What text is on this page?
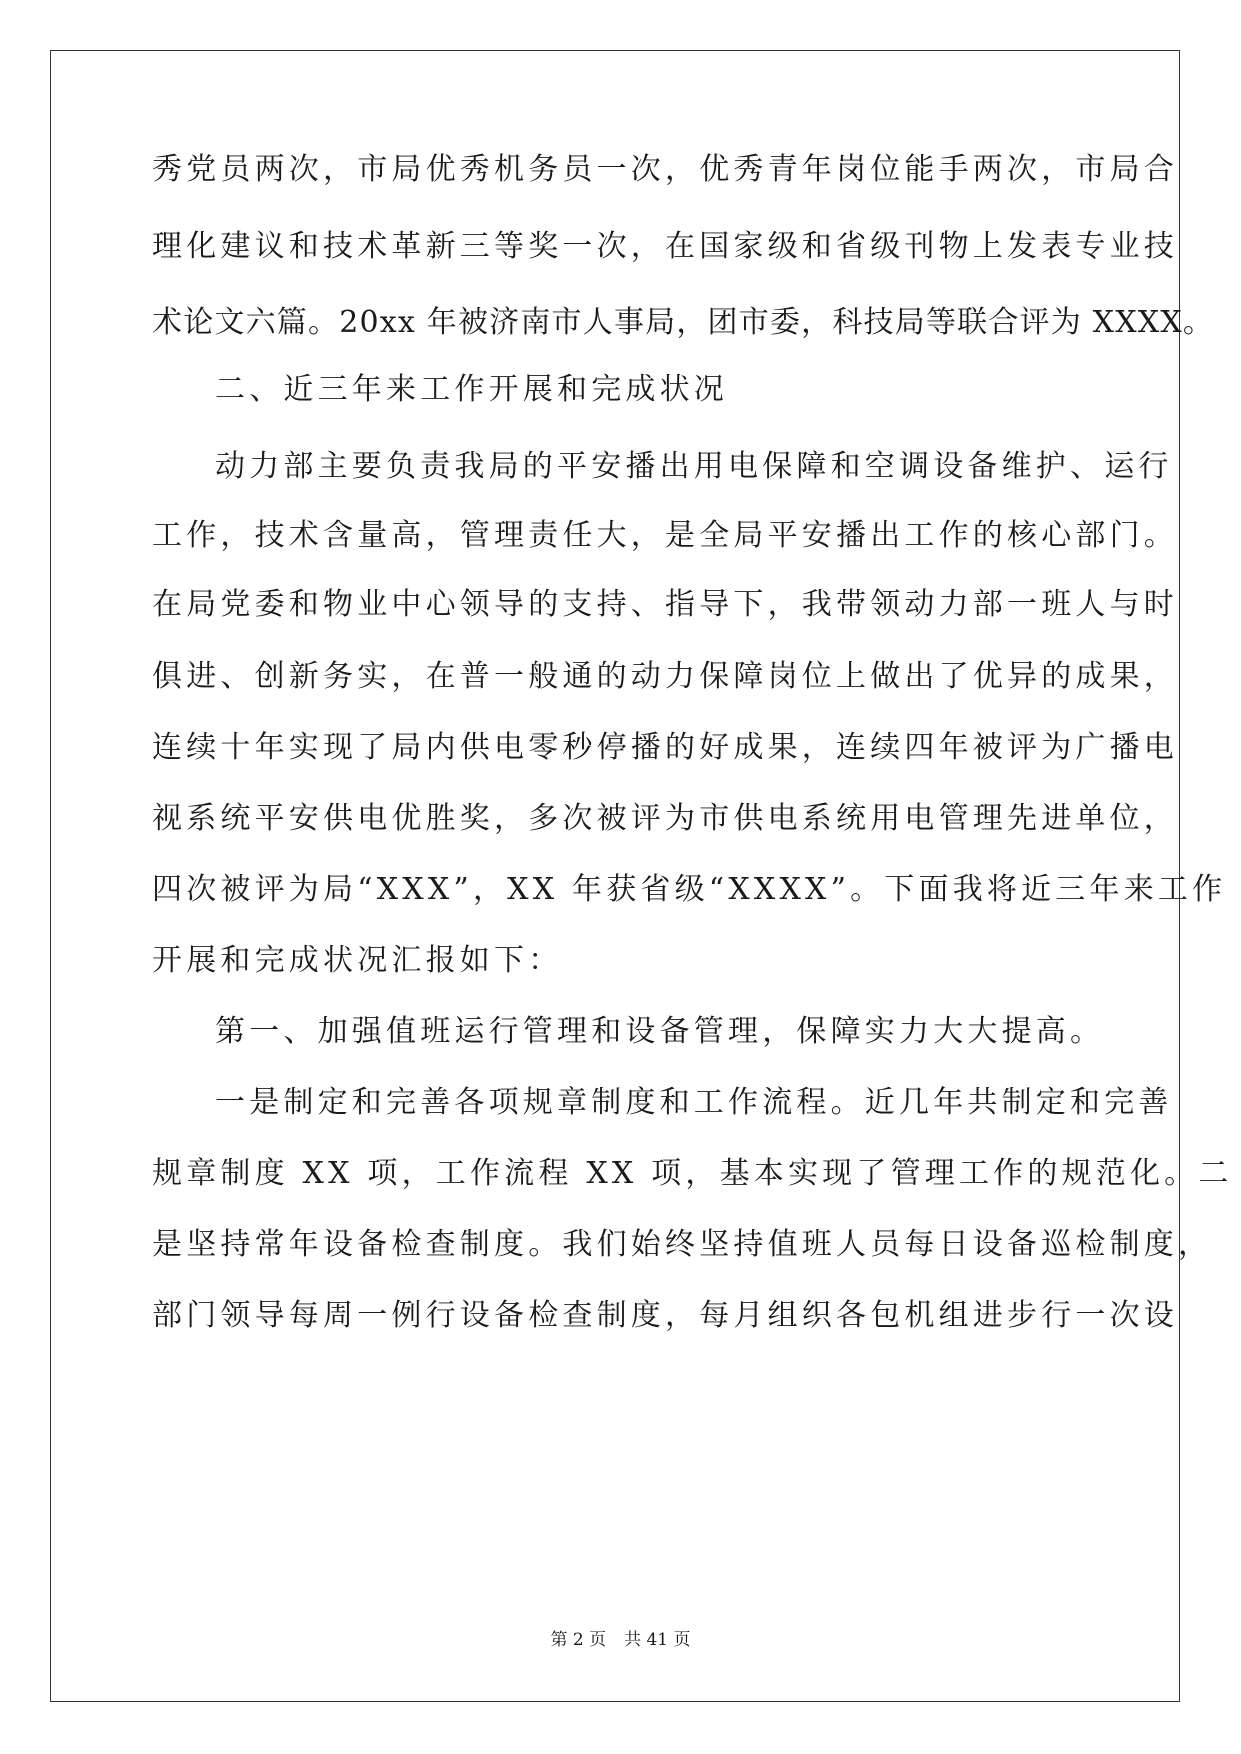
秀党员两次，市局优秀机务员一次，优秀青年岗位能手两次，市局合
理化建议和技术革新三等奖一次，在国家级和省级刊物上发表专业技
术论文六篇。20xx 年被济南市人事局，团市委，科技局等联合评为 XXXX。
二、近三年来工作开展和完成状况
动力部主要负责我局的平安播出用电保障和空调设备维护、运行
工作，技术含量高，管理责任大，是全局平安播出工作的核心部门。
在局党委和物业中心领导的支持、指导下，我带领动力部一班人与时
俱进、创新务实，在普一般通的动力保障岗位上做出了优异的成果，
连续十年实现了局内供电零秒停播的好成果，连续四年被评为广播电
视系统平安供电优胜奖，多次被评为市供电系统用电管理先进单位，
四次被评为局“XXX”，XX 年获省级“XXXX”。下面我将近三年来工作
开展和完成状况汇报如下：
第一、加强值班运行管理和设备管理，保障实力大大提高。
一是制定和完善各项规章制度和工作流程。近几年共制定和完善
规章制度 XX 项，工作流程 XX 项，基本实现了管理工作的规范化。二
是坚持常年设备检查制度。我们始终坚持值班人员每日设备巡检制度，
部门领导每周一例行设备检查制度，每月组织各包机组进步行一次设
第 2 页 共 41 页
